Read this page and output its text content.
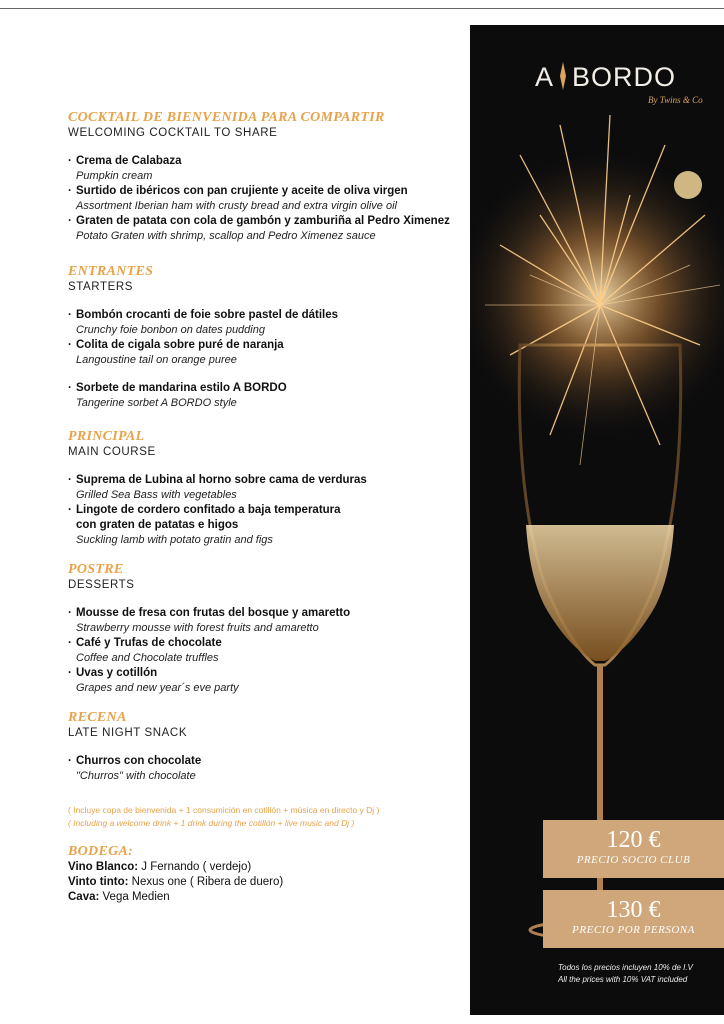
COCKTAIL DE BIENVENIDA PARA COMPARTIR
WELCOMING COCKTAIL TO SHARE
· Crema de Calabaza
Pumpkin cream
· Surtido de ibéricos con pan crujiente y aceite de oliva virgen
Assortment Iberian ham with crusty bread and extra virgin olive oil
· Graten de patata con cola de gambón y zamburiña al Pedro Ximenez
Potato Graten with shrimp, scallop and Pedro Ximenez sauce
ENTRANTES
STARTERS
· Bombón crocanti de foie sobre pastel de dátiles
Crunchy foie bonbon on dates pudding
· Colita de cigala sobre puré de naranja
Langoustine tail on orange puree
· Sorbete de mandarina estilo A BORDO
Tangerine sorbet A BORDO style
PRINCIPAL
MAIN COURSE
· Suprema de Lubina al horno sobre cama de verduras
Grilled Sea Bass with vegetables
· Lingote de cordero confitado a baja temperatura
con graten de patatas e higos
Suckling lamb with potato gratin and figs
POSTRE
DESSERTS
· Mousse de fresa con frutas del bosque y amaretto
Strawberry mousse with forest fruits and amaretto
· Café y Trufas de chocolate
Coffee and Chocolate truffles
· Uvas y cotillón
Grapes and new year´s eve party
RECENA
LATE NIGHT SNACK
· Churros con chocolate
"Churros" with chocolate
( Incluye copa de bienvenida + 1 consumición en cotillón + música en directo y Dj )
( Including a welcome drink + 1 drink during the cotillón + live music and Dj )
BODEGA:
Vino Blanco: J Fernando ( verdejo)
Vinto tinto: Nexus one ( Ribera de duero)
Cava: Vega Medien
A BORDO
By Twins & Co
120 €
PRECIO SOCIO CLUB
130 €
PRECIO POR PERSONA
Todos los precios incluyen 10% de I.V
All the prices with 10% VAT included
